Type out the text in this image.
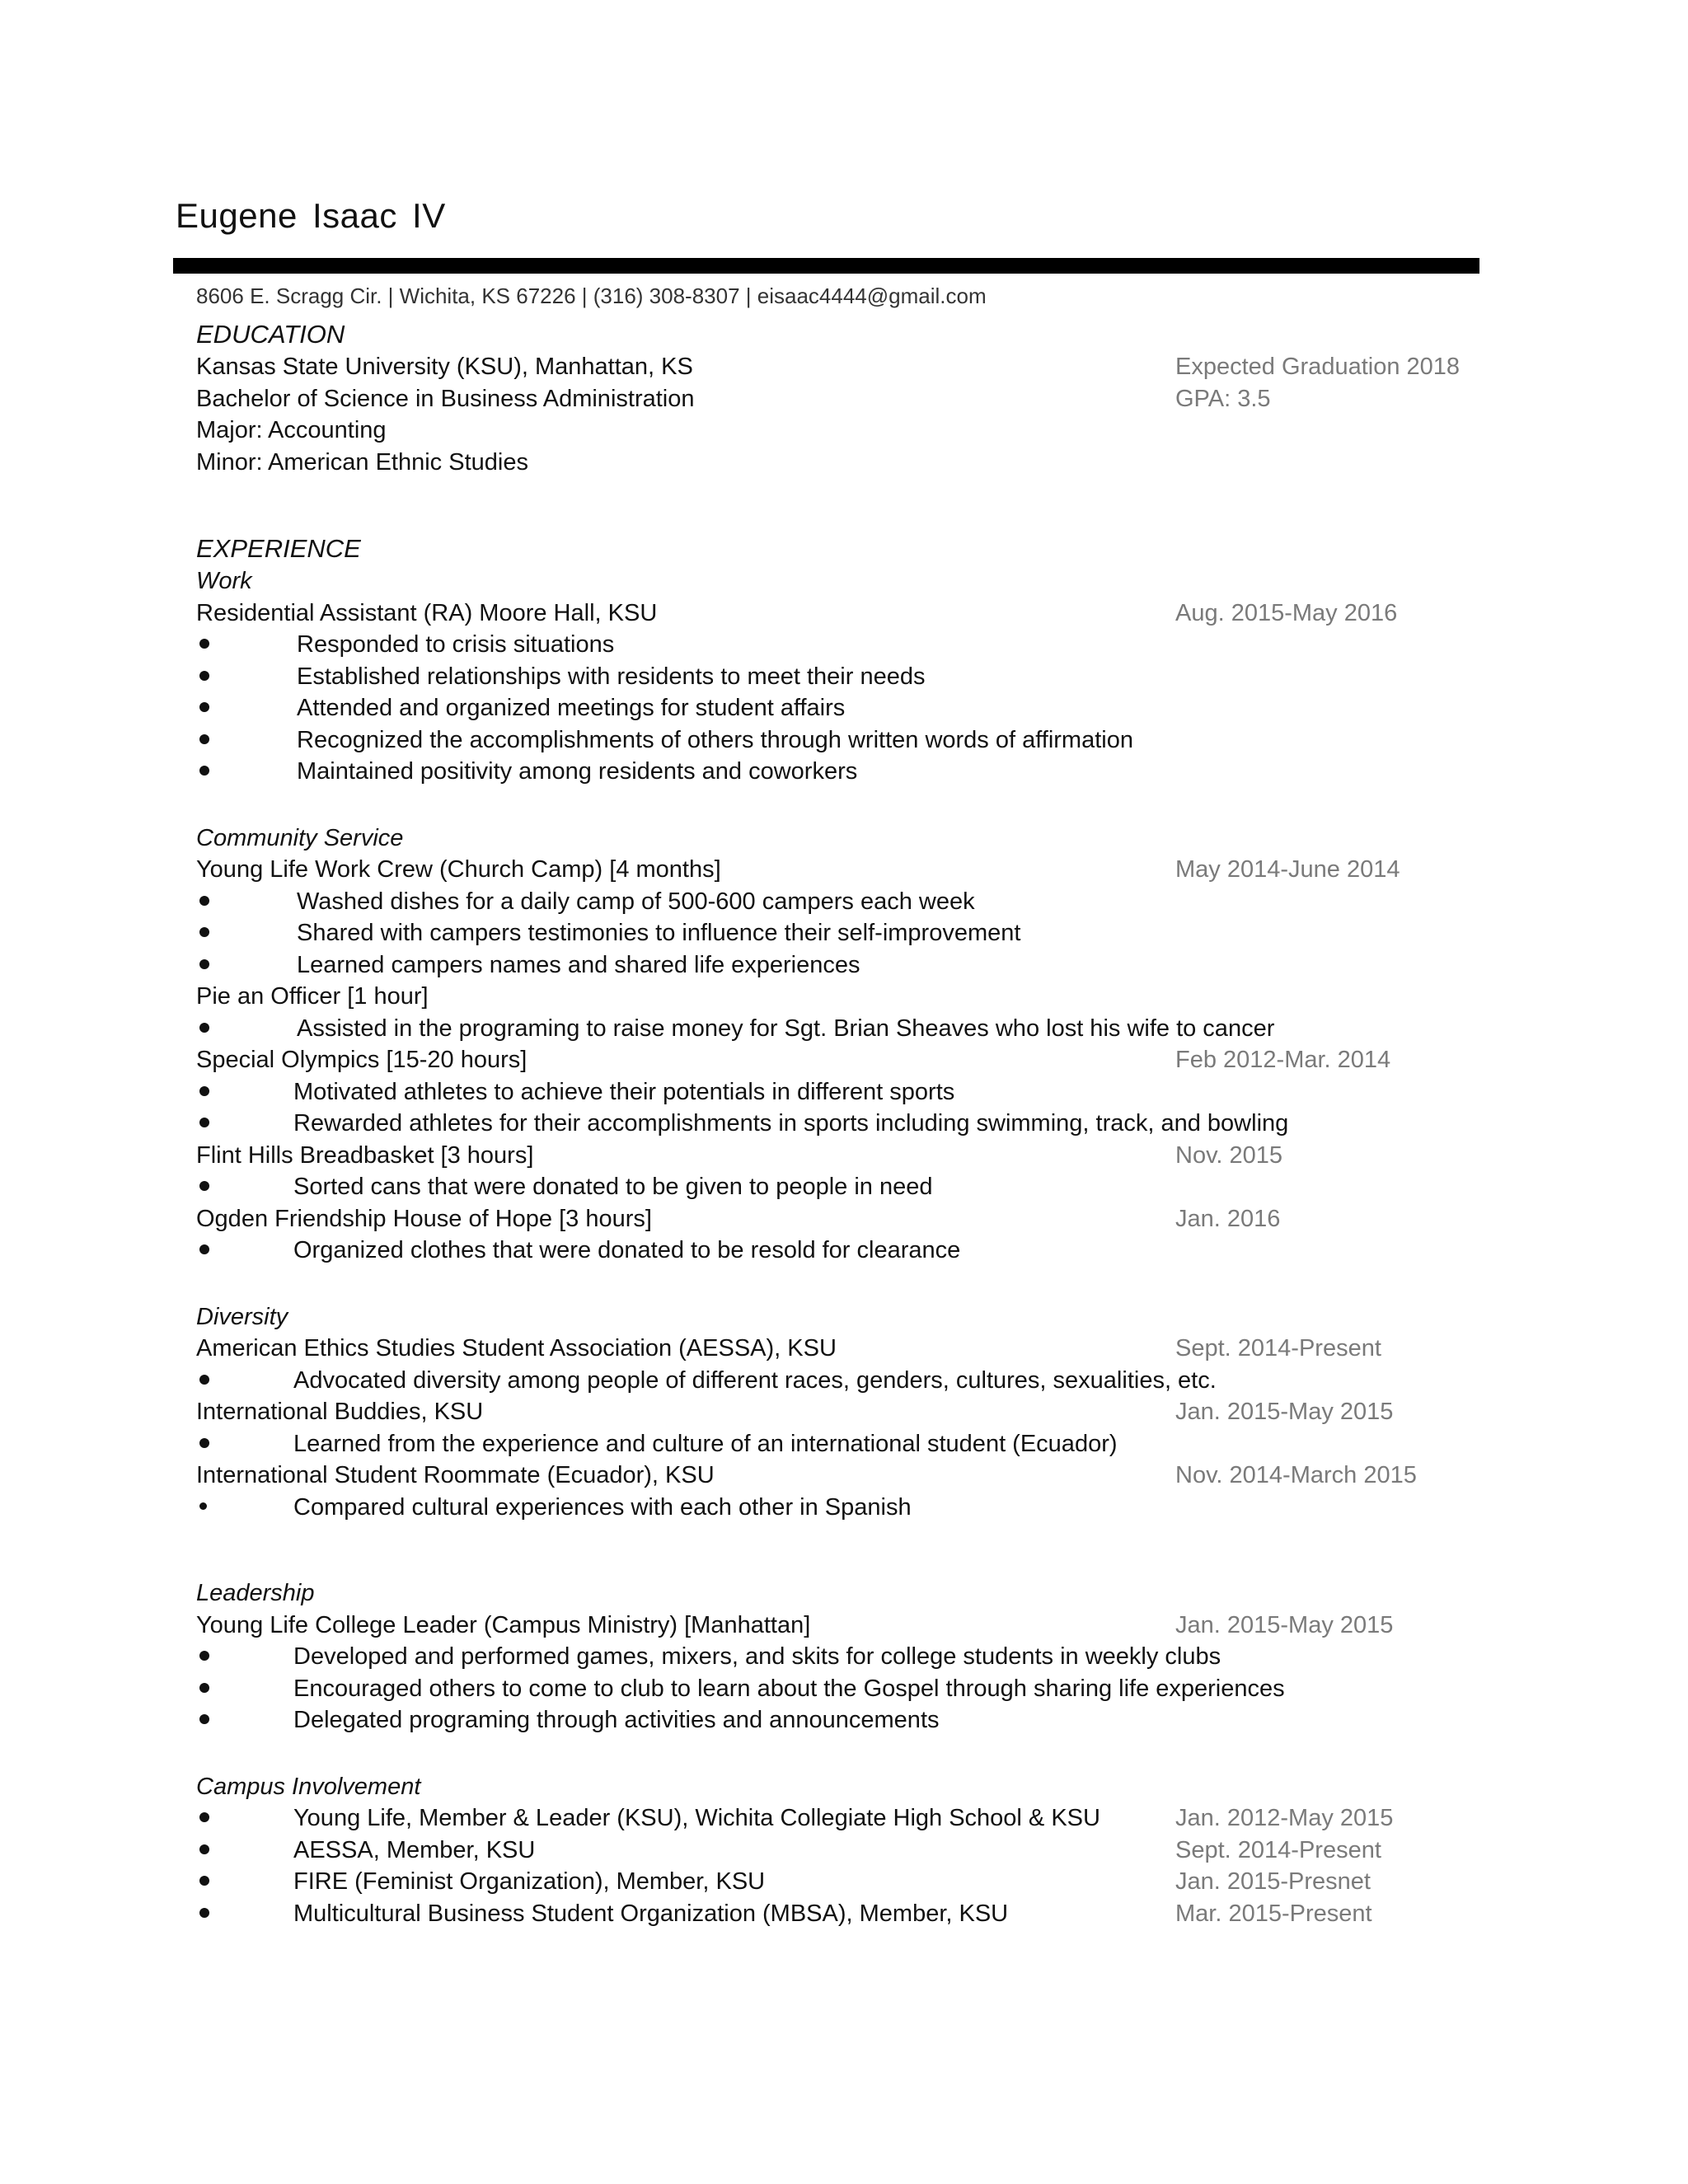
Eugene Isaac IV
8606 E. Scragg Cir. | Wichita, KS 67226 | (316) 308-8307 | eisaac4444@gmail.com
EDUCATION
Kansas State University (KSU), Manhattan, KS	Expected Graduation 2018
Bachelor of Science in Business Administration	GPA: 3.5
Major: Accounting
Minor: American Ethnic Studies
EXPERIENCE
Work
Residential Assistant (RA) Moore Hall, KSU	Aug. 2015-May 2016
Responded to crisis situations
Established relationships with residents to meet their needs
Attended and organized meetings for student affairs
Recognized the accomplishments of others through written words of affirmation
Maintained positivity among residents and coworkers
Community Service
Young Life Work Crew (Church Camp) [4 months]	May 2014-June 2014
Washed dishes for a daily camp of 500-600 campers each week
Shared with campers testimonies to influence their self-improvement
Learned campers names and shared life experiences
Pie an Officer [1 hour]
Assisted in the programing to raise money for Sgt. Brian Sheaves who lost his wife to cancer
Special Olympics [15-20 hours]	Feb 2012-Mar. 2014
Motivated athletes to achieve their potentials in different sports
Rewarded athletes for their accomplishments in sports including swimming, track, and bowling
Flint Hills Breadbasket [3 hours]	Nov. 2015
Sorted cans that were donated to be given to people in need
Ogden Friendship House of Hope [3 hours]	Jan. 2016
Organized clothes that were donated to be resold for clearance
Diversity
American Ethics Studies Student Association (AESSA), KSU	Sept. 2014-Present
Advocated diversity among people of different races, genders, cultures, sexualities, etc.
International Buddies, KSU	Jan. 2015-May 2015
Learned from the experience and culture of an international student (Ecuador)
International Student Roommate (Ecuador), KSU	Nov. 2014-March 2015
Compared cultural experiences with each other in Spanish
Leadership
Young Life College Leader (Campus Ministry) [Manhattan]	Jan. 2015-May 2015
Developed and performed games, mixers, and skits for college students in weekly clubs
Encouraged others to come to club to learn about the Gospel through sharing life experiences
Delegated programing through activities and announcements
Campus Involvement
Young Life, Member & Leader (KSU), Wichita Collegiate High School & KSU	Jan. 2012-May 2015
AESSA, Member, KSU	Sept. 2014-Present
FIRE (Feminist Organization), Member, KSU	Jan. 2015-Presnet
Multicultural Business Student Organization (MBSA), Member, KSU	Mar. 2015-Present
